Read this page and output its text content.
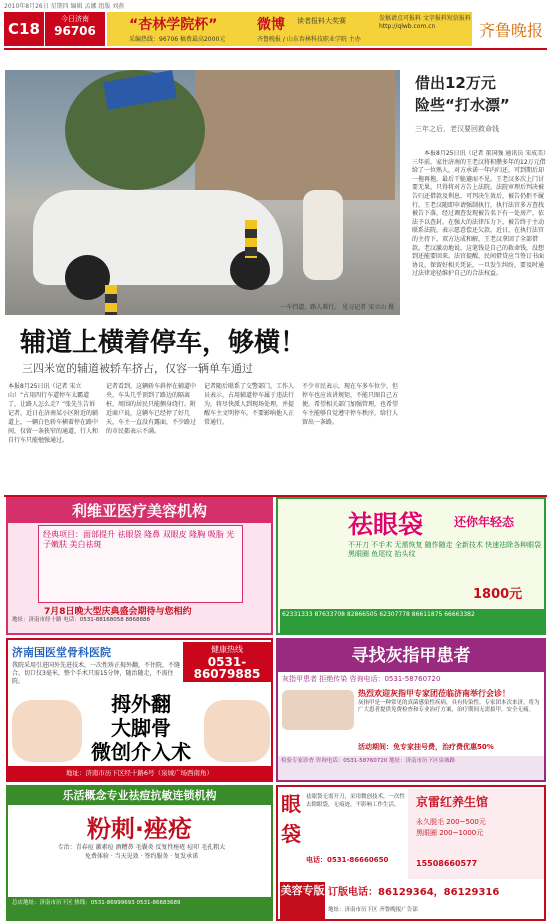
2010年8月26日 星期四 编辑 孟娜 组版 刘燕
C18
今日济南
96706	“杏林学院杯”
采编热线：96706 稿费最高2000元
微博 读者报料大奖赛
齐鲁晚报 / 山东杏林科技职业学院 主办
发稿请点可报料 文字报料短信报料 http://qlwb.com.cn	齐鲁晚报
一车挡道，路人难行。 见习记者 宋立山 摄
辅道上横着停车，够横！
三四米宽的辅道被轿车挤占，仅容一辆单车通过
本报8月25日讯（记者 宋立山）“占用四行车道停车太霸道了，让路人怎么走？”张先生告诉记者，近日在济南某小区附近的辅道上，一辆白色轿车横着停在路中间，仅留一条狭窄的通道，行人和自行车只能勉强通过。
记者看到，这辆轿车斜停在辅道中央，车头几乎顶到了路边的隔离桩，周围的居民只能侧身绕行。附近商户说，这辆车已经停了好几天，车主一直没有露面，不少路过的市民都表示不满。
记者随后联系了交警部门，工作人员表示，占用辅道停车属于违法行为，将尽快派人到现场处理，并提醒车主文明停车，不要影响他人正常通行。
不少市民表示，现在车多车位少，但停车也应该讲规矩，不能只图自己方便。希望相关部门加强管理，也希望车主能够自觉遵守停车秩序，给行人留出一条路。
借出12万元
险些“打水漂”
三年之后，老汉要回救命钱
本报8月25日讯（记者 董国强 通讯员 宋成美）三年前，家住济南的王老汉将积攒多年的12万元借给了一位熟人，对方承诺一年内归还，可到期后却一拖再拖，最后干脆避而不见。王老汉多次上门讨要无果，只得将对方告上法院。法院审理后判决被告归还借款及利息，可判决生效后，被告仍拒不履行。王老汉随即申请强制执行，执行法官多方查找被告下落，经过调查发现被告名下有一处房产，依法予以查封。在强大的法律压力下，被告终于主动联系法院，表示愿意偿还欠款。近日，在执行法官的主持下，双方达成和解，王老汉拿回了全部借款。老汉激动地说，这笔钱是自己的救命钱，没想到还能要回来。法官提醒，民间借贷应当签订书面协议，保留好相关凭证，一旦发生纠纷，要及时通过法律途径维护自己的合法权益。
利维亚医疗美容机构
经典项目：面部提升 祛眼袋 隆鼻 双眼皮 隆胸 吸脂 光子嫩肤 美白祛斑
7月8日晚大型庆典盛会期待与您相约
地址：济南市经十路 电话：0531-88168058 8868888
祛眼袋	还你年轻态
不开刀 不手术 无需恢复 随作随走 全新技术 快速祛除各种眼袋 黑眼圈 鱼尾纹 抬头纹
1800元
62331333 87633708 82866505 62307778 86611875 66663382
济南国医堂骨科医院	健康热线
0531-86079885
我院采用引进国外先进技术，一次性矫正拇外翻，不住院，不缝合，切口仅3毫米，整个手术只需15分钟，随治随走，不需住院。
拇外翻
大脚骨
微创介入术
地址：济南市历下区经十路6号（泉城广场西南角）
寻找灰指甲患者
灰指甲患者 拒绝传染 咨询电话：0531-58760720
热烈欢迎灰指甲专家团莅临济南举行会诊！
灰指甲是一种常见的真菌感染性疾病，具有传染性。专家团本次来济，将为广大患者提供免费检查和专业治疗方案，治疗期间无需拔甲，安全无痛。
活动期间：免专家挂号费，治疗费优惠50%
检验专家诊查 咨询电话：0531-58760720 地址：济南市历下区泉城路
乐活概念专业祛痘抗敏连锁机构
粉刺·痤疮
专治：青春痘 激素痘 酒糟鼻 毛囊炎 反复性痤疮 痘印 毛孔粗大
免费体验 · 当天见效 · 签约服务 · 复发承诺
总店地址：济南市历下区 热线：0531-86999693 0531-86683689
眼袋
祛眼袋无需开刀，采用微创技术，一次性去除眼袋，无痕迹，不影响工作生活。
电话：0531-86660650
京雷红养生馆
永久脱毛 200~500元
黑眼圈 200~1000元
15508660577
美容专版 订版电话：86129364，86129316
地址：济南市历下区 齐鲁晚报广告部
